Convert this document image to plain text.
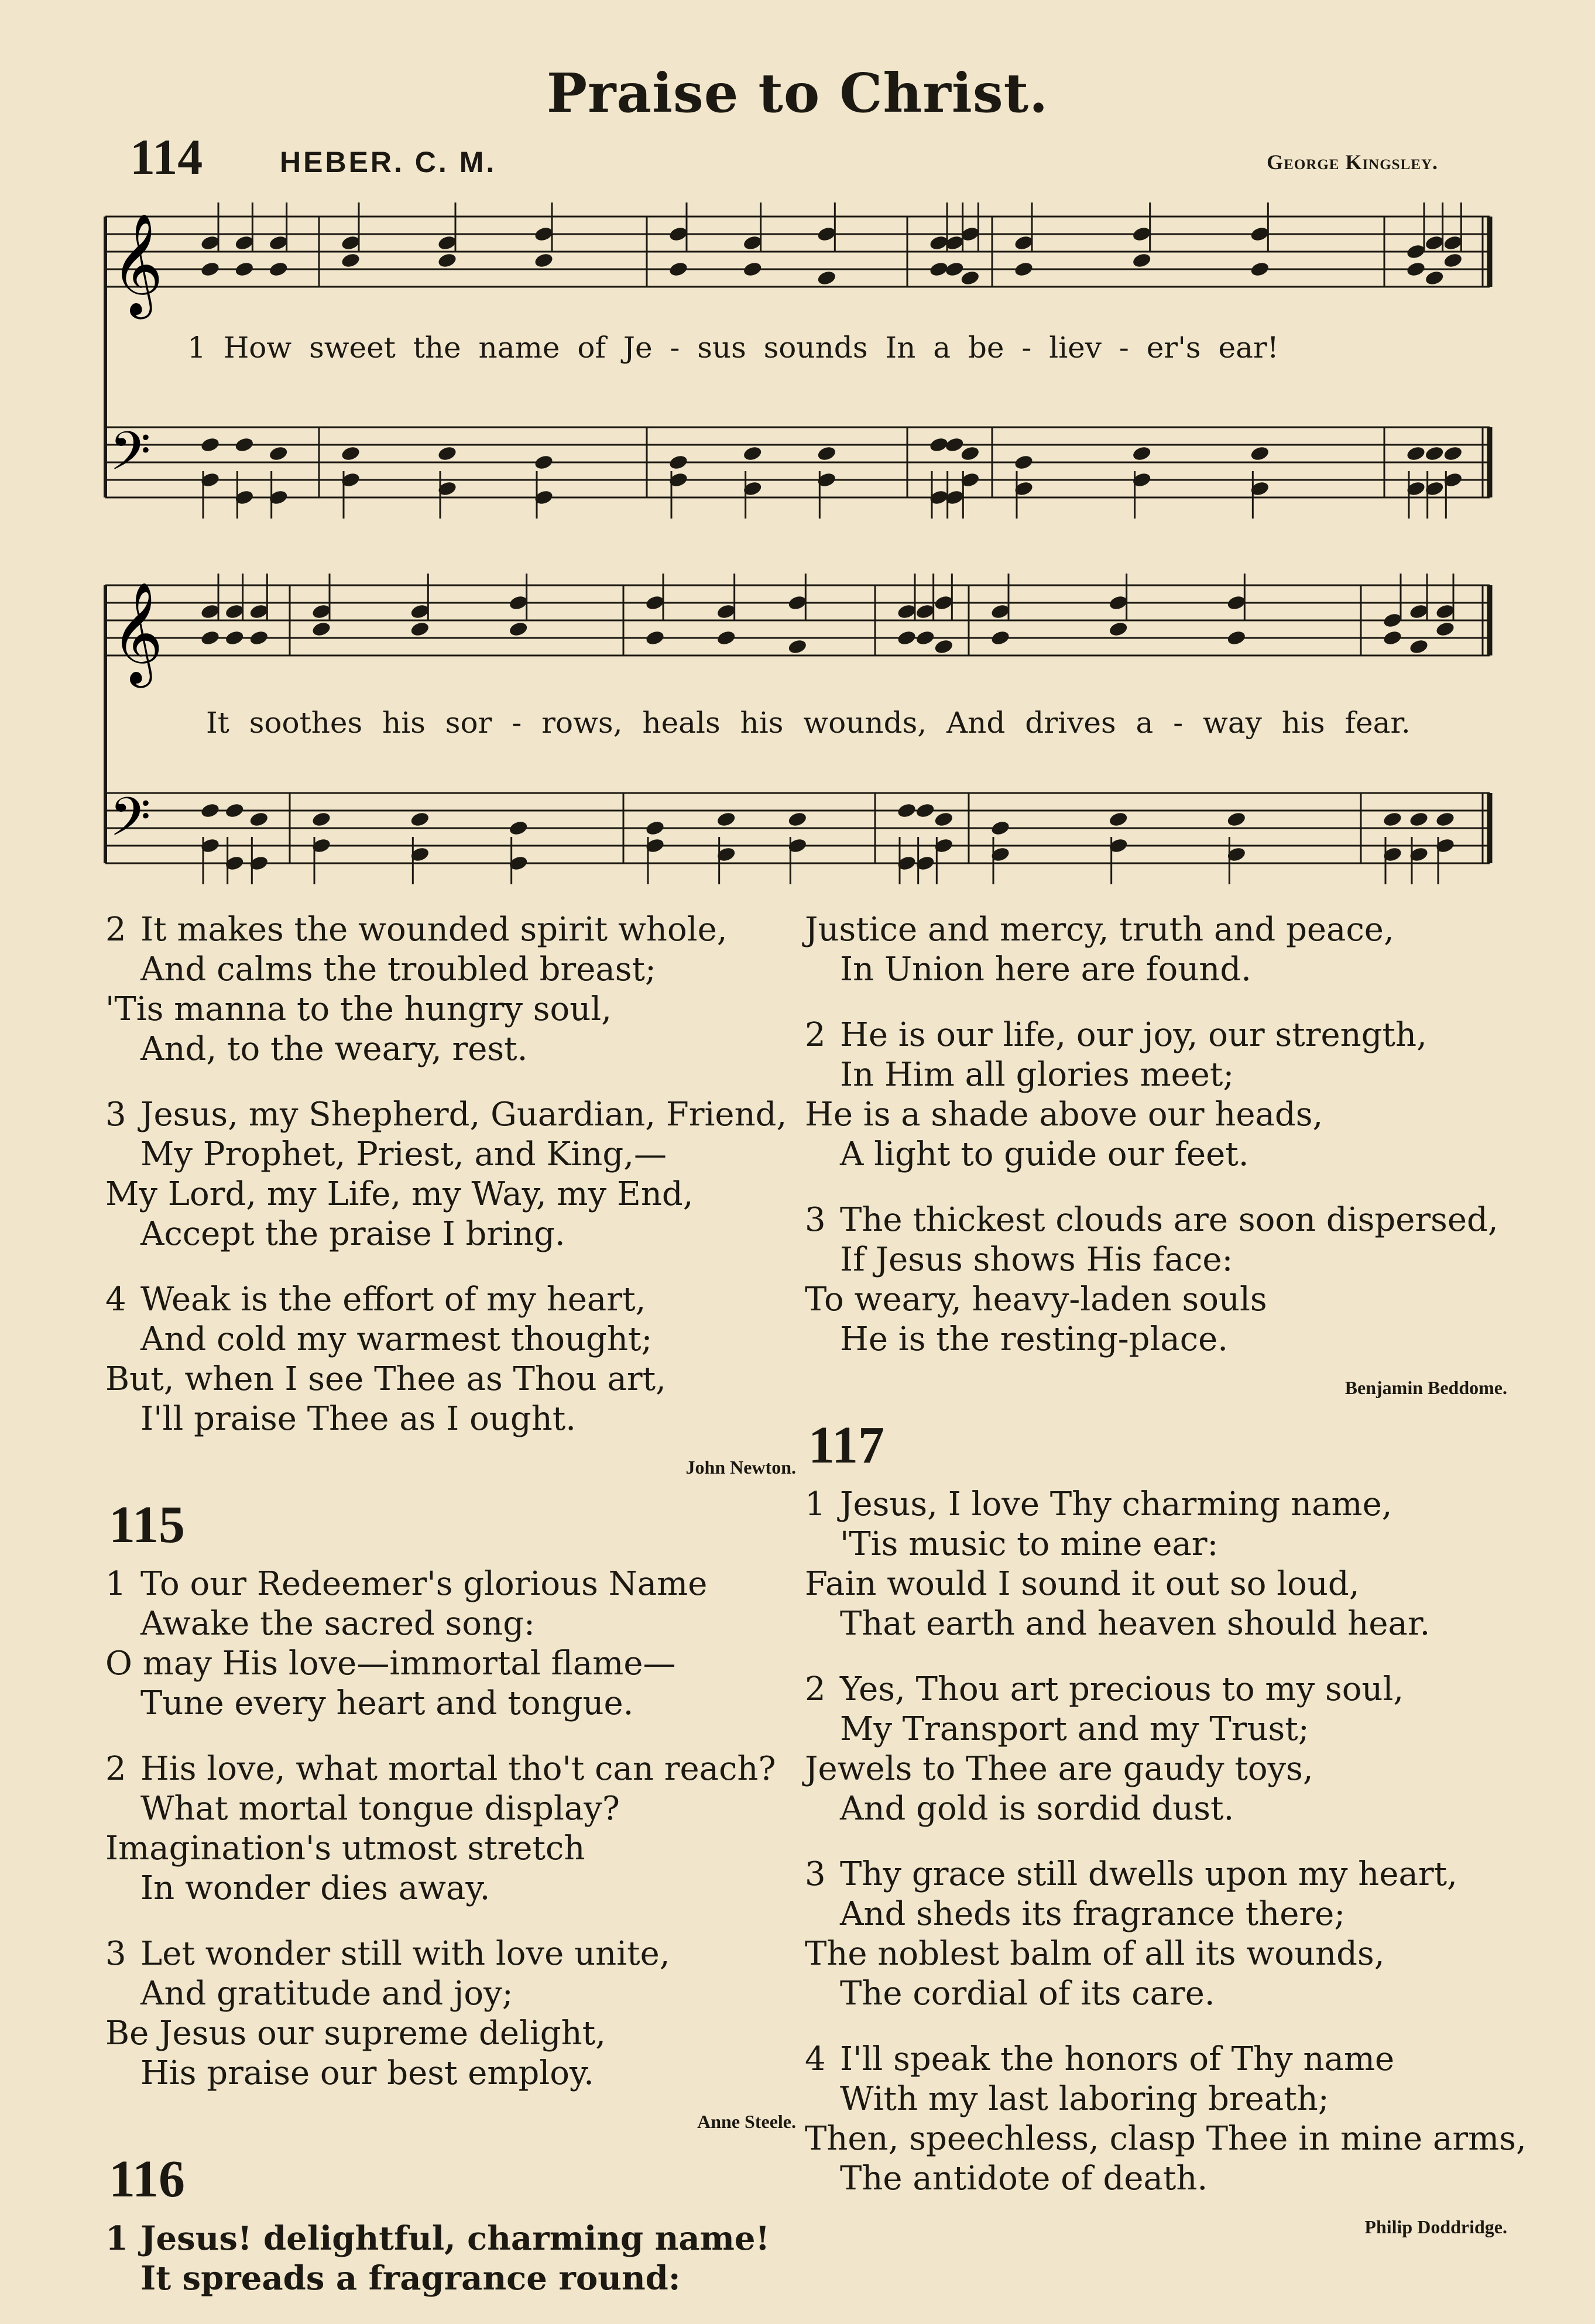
Praise to Christ.
114	HEBER. C. M.	George Kingsley.
𝄞
𝄢
1 How sweet the name of Je - sus sounds In a be - liev - er's ear!
𝄞
𝄢
It soothes his sor - rows, heals his wounds, And drives a - way his fear.
2 It makes the wounded spirit whole,
And calms the troubled breast;
'Tis manna to the hungry soul,
And, to the weary, rest.
3 Jesus, my Shepherd, Guardian, Friend,
My Prophet, Priest, and King,—
My Lord, my Life, my Way, my End,
Accept the praise I bring.
4 Weak is the effort of my heart,
And cold my warmest thought;
But, when I see Thee as Thou art,
I'll praise Thee as I ought.
John Newton.
115
1 To our Redeemer's glorious Name
Awake the sacred song:
O may His love—immortal flame—
Tune every heart and tongue.
2 His love, what mortal tho't can reach?
What mortal tongue display?
Imagination's utmost stretch
In wonder dies away.
3 Let wonder still with love unite,
And gratitude and joy;
Be Jesus our supreme delight,
His praise our best employ.
Anne Steele.
116
1 Jesus! delightful, charming name!
It spreads a fragrance round:
Justice and mercy, truth and peace,
In Union here are found.
2 He is our life, our joy, our strength,
In Him all glories meet;
He is a shade above our heads,
A light to guide our feet.
3 The thickest clouds are soon dispersed,
If Jesus shows His face:
To weary, heavy-laden souls
He is the resting-place.
Benjamin Beddome.
117
1 Jesus, I love Thy charming name,
'Tis music to mine ear:
Fain would I sound it out so loud,
That earth and heaven should hear.
2 Yes, Thou art precious to my soul,
My Transport and my Trust;
Jewels to Thee are gaudy toys,
And gold is sordid dust.
3 Thy grace still dwells upon my heart,
And sheds its fragrance there;
The noblest balm of all its wounds,
The cordial of its care.
4 I'll speak the honors of Thy name
With my last laboring breath;
Then, speechless, clasp Thee in mine arms,
The antidote of death.
Philip Doddridge.
